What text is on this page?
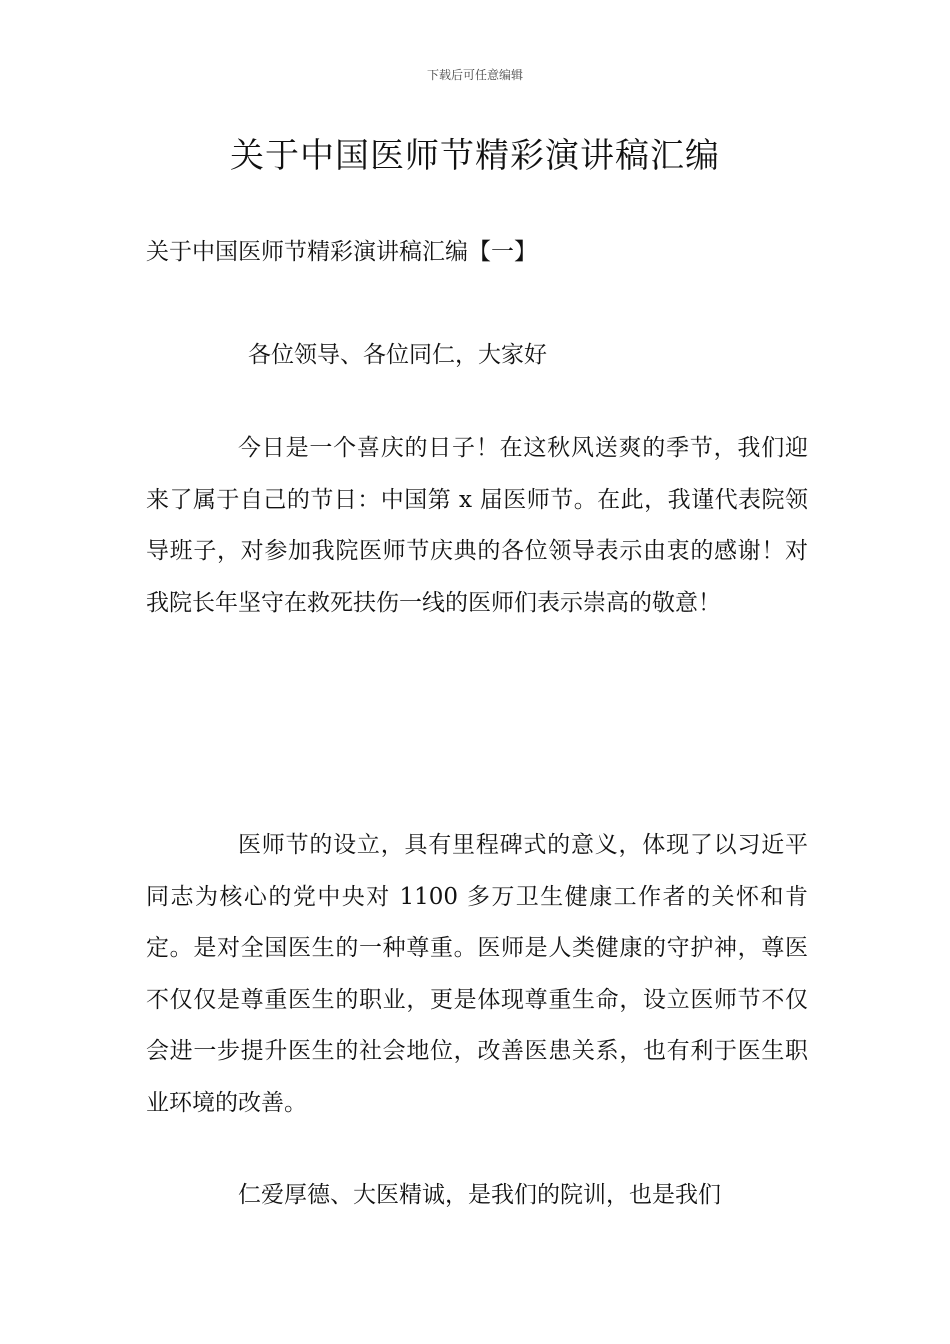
下载后可任意编辑
关于中国医师节精彩演讲稿汇编
关于中国医师节精彩演讲稿汇编【一】

各位领导、各位同仁，大家好

今日是一个喜庆的日子！在这秋风送爽的季节，我们迎来了属于自己的节日：中国第 x 届医师节。在此，我谨代表院领导班子，对参加我院医师节庆典的各位领导表示由衷的感谢！对我院长年坚守在救死扶伤一线的医师们表示崇高的敬意！

医师节的设立，具有里程碑式的意义，体现了以习近平同志为核心的党中央对 1100 多万卫生健康工作者的关怀和肯定。是对全国医生的一种尊重。医师是人类健康的守护神，尊医不仅仅是尊重医生的职业，更是体现尊重生命，设立医师节不仅会进一步提升医生的社会地位，改善医患关系，也有利于医生职业环境的改善。

仁爱厚德、大医精诚，是我们的院训，也是我们
